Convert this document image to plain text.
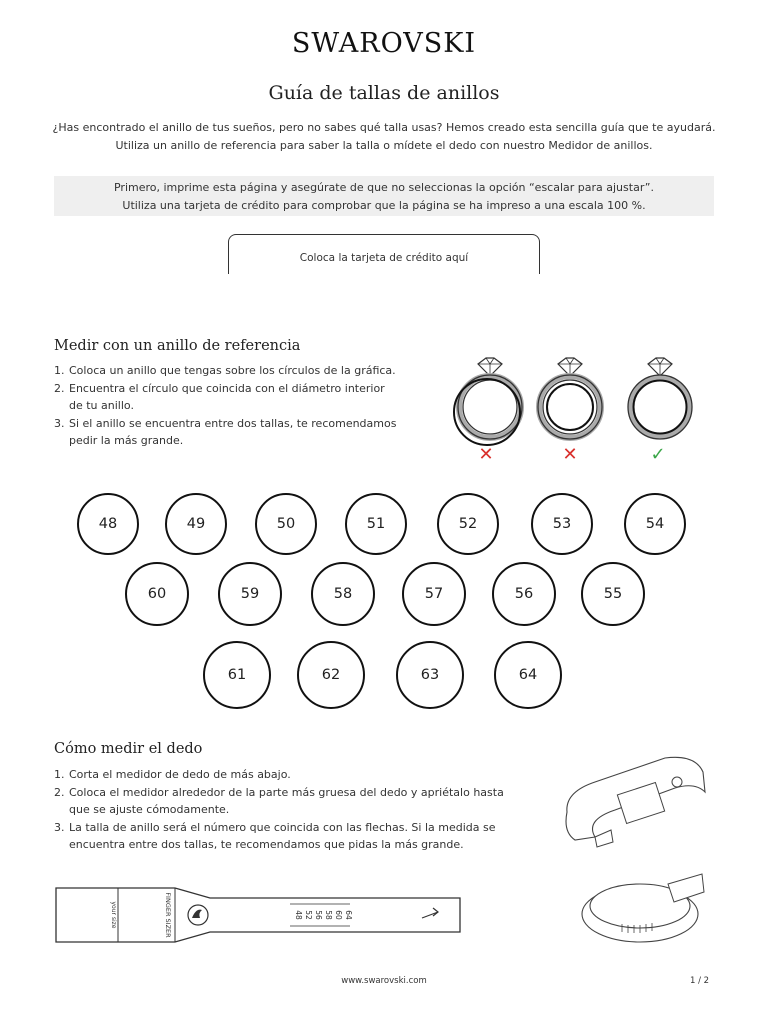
SWAROVSKI
Guía de tallas de anillos
¿Has encontrado el anillo de tus sueños, pero no sabes qué talla usas? Hemos creado esta sencilla guía que te ayudará.
Utiliza un anillo de referencia para saber la talla o mídete el dedo con nuestro Medidor de anillos.
Primero, imprime esta página y asegúrate de que no seleccionas la opción “escalar para ajustar”.
Utiliza una tarjeta de crédito para comprobar que la página se ha impreso a una escala 100 %.
Coloca la tarjeta de crédito aquí
Medir con un anillo de referencia
1. Coloca un anillo que tengas sobre los círculos de la gráfica.
2. Encuentra el círculo que coincida con el diámetro interior
de tu anillo.
3. Si el anillo se encuentra entre dos tallas, te recomendamos
pedir la más grande.
✕	✕	✓
48	49	50	51	52	53	54
60	59	58	57	56	55
61	62	63	64
Cómo medir el dedo
1. Corta el medidor de dedo de más abajo.
2. Coloca el medidor alrededor de la parte más gruesa del dedo y apriétalo hasta
que se ajuste cómodamente.
3. La talla de anillo será el número que coincida con las flechas. Si la medida se
encuentra entre dos tallas, te recomendamos que pidas la más grande.
your size	FINGER SIZER	48 52 56 58 60 64
www.swarovski.com	1 / 2
